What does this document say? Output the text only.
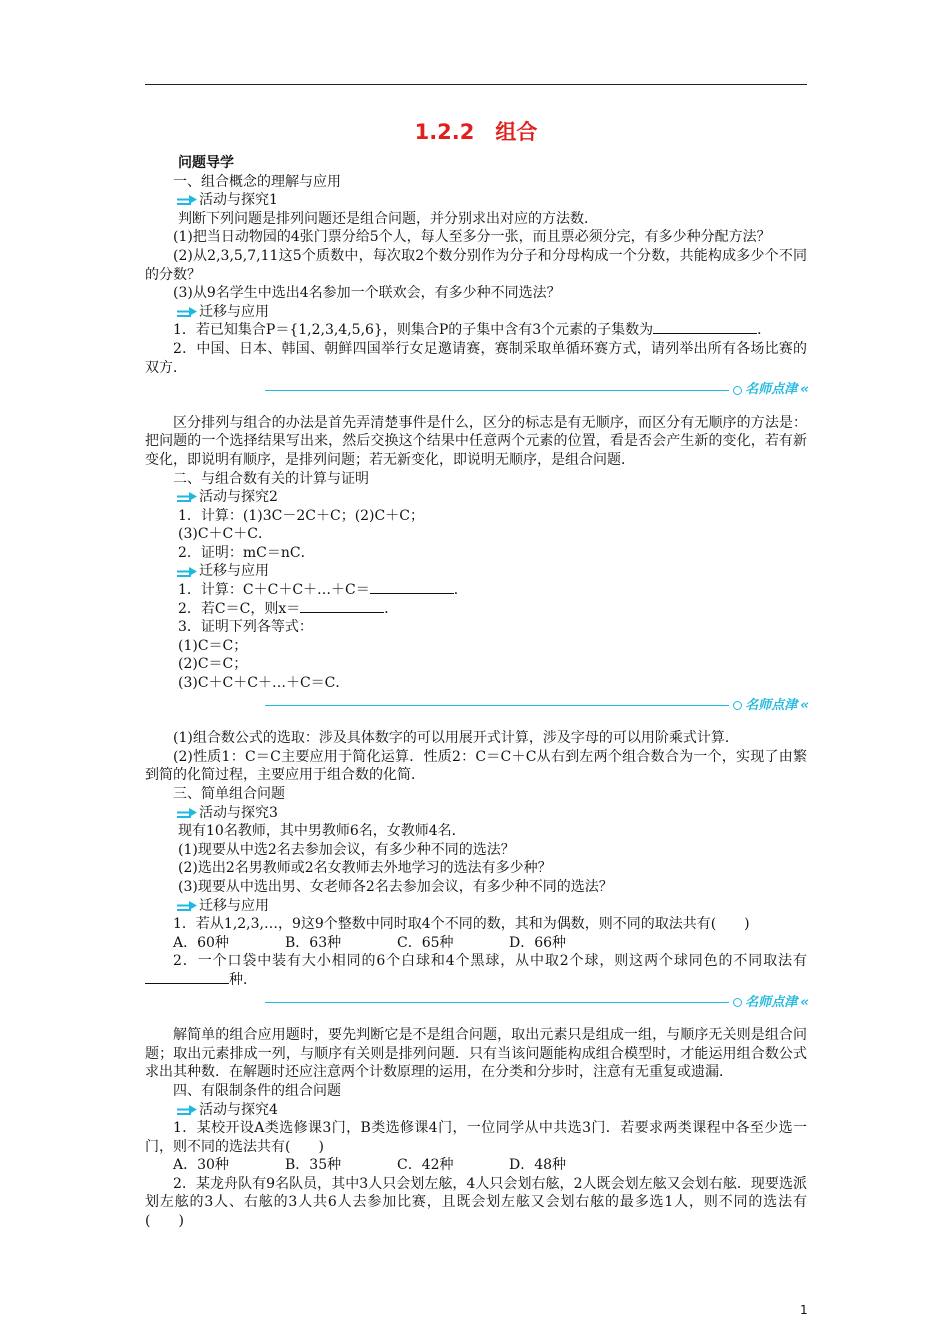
1.2.2　组合

问题导学

一、组合概念的理解与应用

活动与探究1

判断下列问题是排列问题还是组合问题，并分别求出对应的方法数．

(1)把当日动物园的4张门票分给5个人，每人至多分一张，而且票必须分完，有多少种分配方法？

(2)从2,3,5,7,11这5个质数中，每次取2个数分别作为分子和分母构成一个分数，共能构成多少个不同的分数？

(3)从9名学生中选出4名参加一个联欢会，有多少种不同选法？

迁移与应用

1．若已知集合P＝{1,2,3,4,5,6}，则集合P的子集中含有3个元素的子集数为	．

2．中国、日本、韩国、朝鲜四国举行女足邀请赛，赛制采取单循环赛方式，请列举出所有各场比赛的双方．

名师点津 ‹‹

区分排列与组合的办法是首先弄清楚事件是什么，区分的标志是有无顺序，而区分有无顺序的方法是：把问题的一个选择结果写出来，然后交换这个结果中任意两个元素的位置，看是否会产生新的变化，若有新变化，即说明有顺序，是排列问题；若无新变化，即说明无顺序，是组合问题．

二、与组合数有关的计算与证明

活动与探究2

1．计算：(1)3C－2C＋C；(2)C＋C；

(3)C＋C＋C．

2．证明：mC＝nC．

迁移与应用

1．计算：C＋C＋C＋…＋C＝	．

2．若C＝C，则x＝	．

3．证明下列各等式：

(1)C＝C；

(2)C＝C；

(3)C＋C＋C＋…＋C＝C．

名师点津 ‹‹

(1)组合数公式的选取：涉及具体数字的可以用展开式计算，涉及字母的可以用阶乘式计算．

(2)性质1：C＝C主要应用于简化运算．性质2：C＝C＋C从右到左两个组合数合为一个，实现了由繁到简的化简过程，主要应用于组合数的化简．

三、简单组合问题

活动与探究3

现有10名教师，其中男教师6名，女教师4名．

(1)现要从中选2名去参加会议，有多少种不同的选法？

(2)选出2名男教师或2名女教师去外地学习的选法有多少种？

(3)现要从中选出男、女老师各2名去参加会议，有多少种不同的选法？

迁移与应用

1．若从1,2,3,…，9这9个整数中同时取4个不同的数，其和为偶数，则不同的取法共有(　　)

A．60种	B．63种	C．65种	D．66种

2．一个口袋中装有大小相同的6个白球和4个黑球，从中取2个球，则这两个球同色的不同取法有种．

名师点津 ‹‹

解简单的组合应用题时，要先判断它是不是组合问题，取出元素只是组成一组，与顺序无关则是组合问题；取出元素排成一列，与顺序有关则是排列问题．只有当该问题能构成组合模型时，才能运用组合数公式求出其种数．在解题时还应注意两个计数原理的运用，在分类和分步时，注意有无重复或遗漏．

四、有限制条件的组合问题

活动与探究4

1．某校开设A类选修课3门，B类选修课4门，一位同学从中共选3门．若要求两类课程中各至少选一门，则不同的选法共有(　　)

A．30种	B．35种	C．42种	D．48种

2．某龙舟队有9名队员，其中3人只会划左舷，4人只会划右舷，2人既会划左舷又会划右舷．现要选派划左舷的3人、右舷的3人共6人去参加比赛，且既会划左舷又会划右舷的最多选1人，则不同的选法有(　　)

1
